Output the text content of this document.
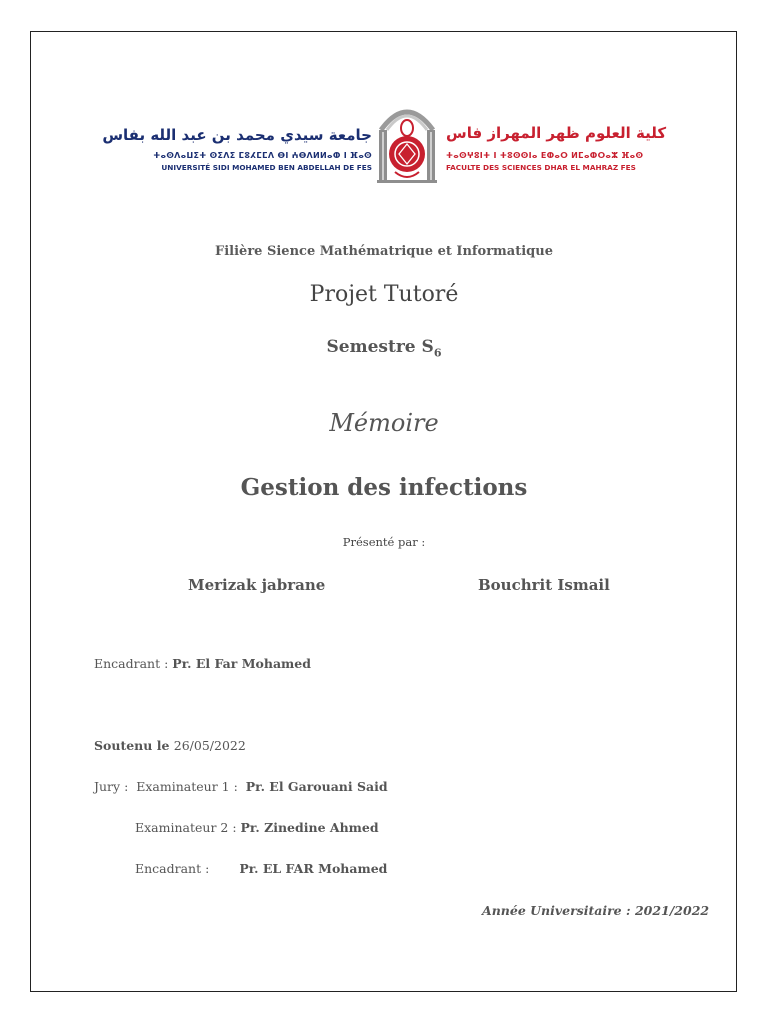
جامعة سيدي محمد بن عبد الله بفاس
ⵜⴰⵙⴷⴰⵡⵉⵜ ⵙⵉⴷⵉ ⵎⵓⵃⵎⵎⴷ ⴱⵏ ⵄⴱⴷⵍⵍⴰⵀ ⵏ ⴼⴰⵙ
UNIVERSITÉ SIDI MOHAMED BEN ABDELLAH DE FES
كلية العلوم ظهر المهراز فاس
ⵜⴰⵙⵖⵓⵏⵜ ⵏ ⵜⵓⵙⵙⵏⴰ ⴹⵀⴰⵔ ⵍⵎⴰⵀⵔⴰⵣ ⴼⴰⵙ
FACULTE DES SCIENCES DHAR EL MAHRAZ FES
Filière Sience Mathématrique et Informatique
Projet Tutoré
Semestre $S_6$
Mémoire
Gestion des infections
Présenté par :
Merizak jabrane	Bouchrit Ismail
Encadrant : Pr. El Far Mohamed
Soutenu le 26/05/2022
Jury : Examinateur 1 : Pr. El Garouani Said
Examinateur 2 : Pr. Zinedine Ahmed
Encadrant : Pr. EL FAR Mohamed
Année Universitaire : 2021/2022
